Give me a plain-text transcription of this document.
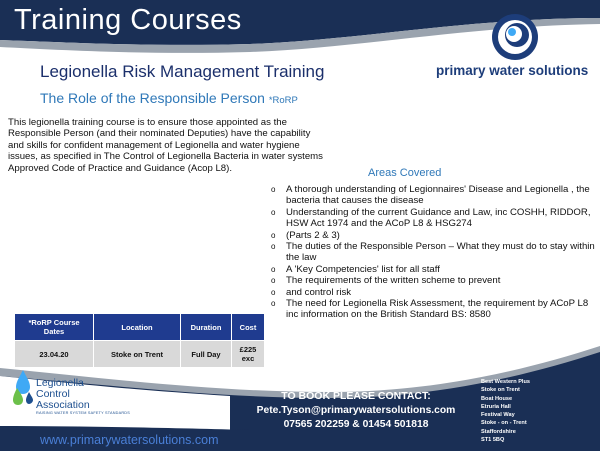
Training Courses
primary water solutions
Legionella Risk Management Training
The Role of the Responsible Person *RoRP
This legionella training course is to ensure those appointed as the Responsible Person (and their nominated Deputies) have the capability and skills for confident management of Legionella and water hygiene issues, as specified in The Control of Legionella Bacteria in water systems Approved Code of Practice and Guidance (Acop L8).	Areas Covered
o A thorough understanding of Legionnaires' Disease and Legionella , the bacteria that causes the disease
o Understanding of the current Guidance and Law, inc COSHH, RIDDOR, HSW Act 1974 and the ACoP L8 & HSG274
o (Parts 2 & 3)
o The duties of the Responsible Person – What they must do to stay within the law
o A 'Key Competencies' list for all staff
o The requirements of the written scheme to prevent
o and control risk
o The need for Legionella Risk Assessment, the requirement by ACoP L8 inc information on the British Standard BS: 8580
*RoRP Course Dates	Location	Duration	Cost
23.04.20	Stoke on Trent	Full Day	£225 exc
Legionella
Control
Association
RAISING WATER SYSTEM SAFETY STANDARDS
www.primarywatersolutions.com
TO BOOK PLEASE CONTACT:
Pete.Tyson@primarywatersolutions.com
07565 202259 & 01454 501818
VENUE
Best Western Plus
Stoke on Trent
Boat House
Etruria Hall
Festival Way
Stoke - on - Trent
Staffordshire
ST1 5BQ
